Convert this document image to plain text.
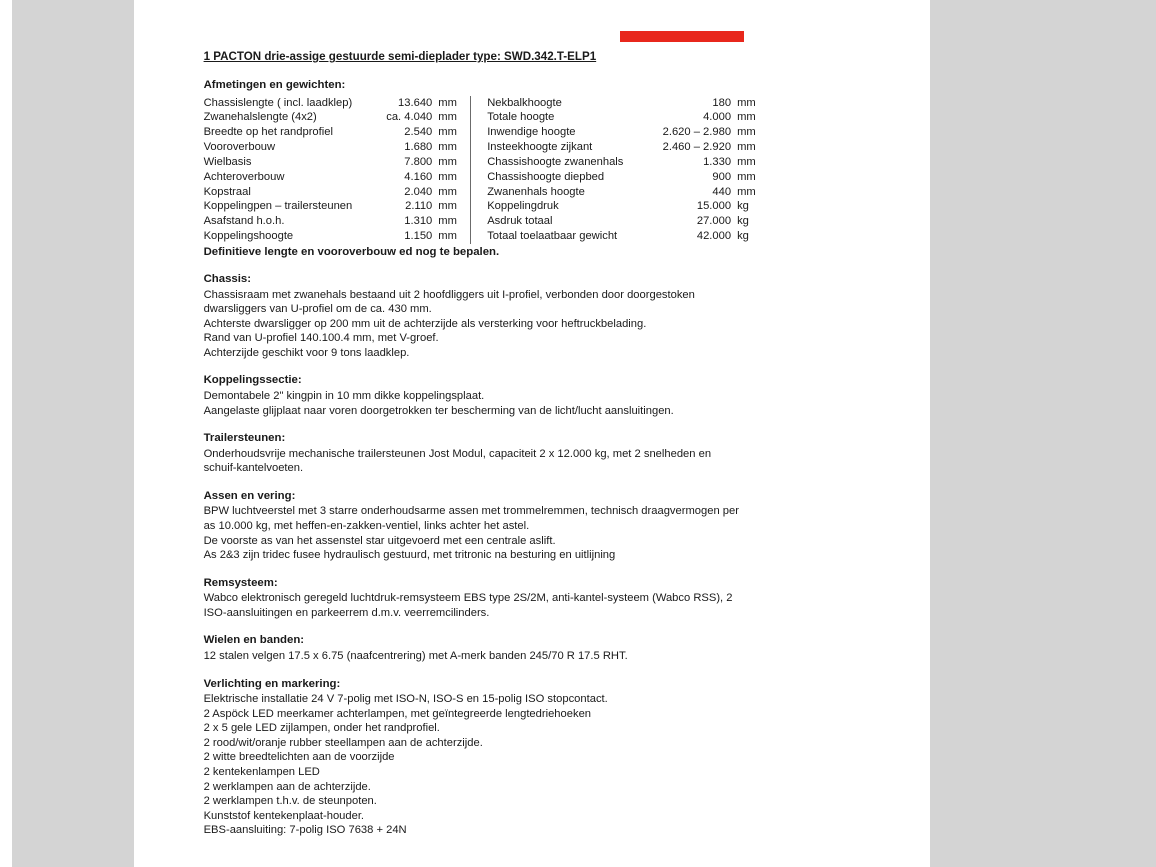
1 PACTON drie-assige gestuurde semi-dieplader type: SWD.342.T-ELP1
Afmetingen en gewichten:
Chassislengte ( incl. laadklep)	13.640	mm	Nekbalkhoogte	180	mm
Zwanehalslengte (4x2)	ca. 4.040	mm	Totale hoogte	4.000	mm
Breedte op het randprofiel	2.540	mm	Inwendige hoogte	2.620 – 2.980	mm
Vooroverbouw	1.680	mm	Insteekhoogte zijkant	2.460 – 2.920	mm
Wielbasis	7.800	mm	Chassishoogte zwanenhals	1.330	mm
Achteroverbouw	4.160	mm	Chassishoogte diepbed	900	mm
Kopstraal	2.040	mm	Zwanenhals hoogte	440	mm
Koppelingpen – trailersteunen	2.110	mm	Koppelingdruk	15.000	kg
Asafstand h.o.h.	1.310	mm	Asdruk totaal	27.000	kg
Koppelingshoogte	1.150	mm	Totaal toelaatbaar gewicht	42.000	kg
Definitieve lengte en vooroverbouw ed nog te bepalen.
Chassis:

Chassisraam met zwanehals bestaand uit 2 hoofdliggers uit I-profiel, verbonden door doorgestoken

dwarsliggers van U-profiel om de ca. 430 mm.

Achterste dwarsligger op 200 mm uit de achterzijde als versterking voor heftruckbelading.

Rand van U-profiel 140.100.4 mm, met V-groef.

Achterzijde geschikt voor 9 tons laadklep.

Koppelingssectie:

Demontabele 2" kingpin in 10 mm dikke koppelingsplaat.

Aangelaste glijplaat naar voren doorgetrokken ter bescherming van de licht/lucht aansluitingen.

Trailersteunen:

Onderhoudsvrije mechanische trailersteunen Jost Modul, capaciteit 2 x 12.000 kg, met 2 snelheden en

schuif-kantelvoeten.

Assen en vering:

BPW luchtveerstel met 3 starre onderhoudsarme assen met trommelremmen, technisch draagvermogen per

as 10.000 kg, met heffen-en-zakken-ventiel, links achter het astel.

De voorste as van het assenstel star uitgevoerd met een centrale aslift.

As 2&3 zijn tridec fusee hydraulisch gestuurd, met tritronic na besturing en uitlijning

Remsysteem:

Wabco elektronisch geregeld luchtdruk-remsysteem EBS type 2S/2M, anti-kantel-systeem (Wabco RSS), 2

ISO-aansluitingen en parkeerrem d.m.v. veerremcilinders.

Wielen en banden:

12 stalen velgen 17.5 x 6.75 (naafcentrering) met A-merk banden 245/70 R 17.5 RHT.

Verlichting en markering:

Elektrische installatie 24 V 7-polig met ISO-N, ISO-S en 15-polig ISO stopcontact.

2 Aspöck LED meerkamer achterlampen, met geïntegreerde lengtedriehoeken

2 x 5 gele LED zijlampen, onder het randprofiel.

2 rood/wit/oranje rubber steellampen aan de achterzijde.

2 witte breedtelichten aan de voorzijde

2 kentekenlampen LED

2 werklampen aan de achterzijde.

2 werklampen t.h.v. de steunpoten.

Kunststof kentekenplaat-houder.

EBS-aansluiting: 7-polig ISO 7638 + 24N
